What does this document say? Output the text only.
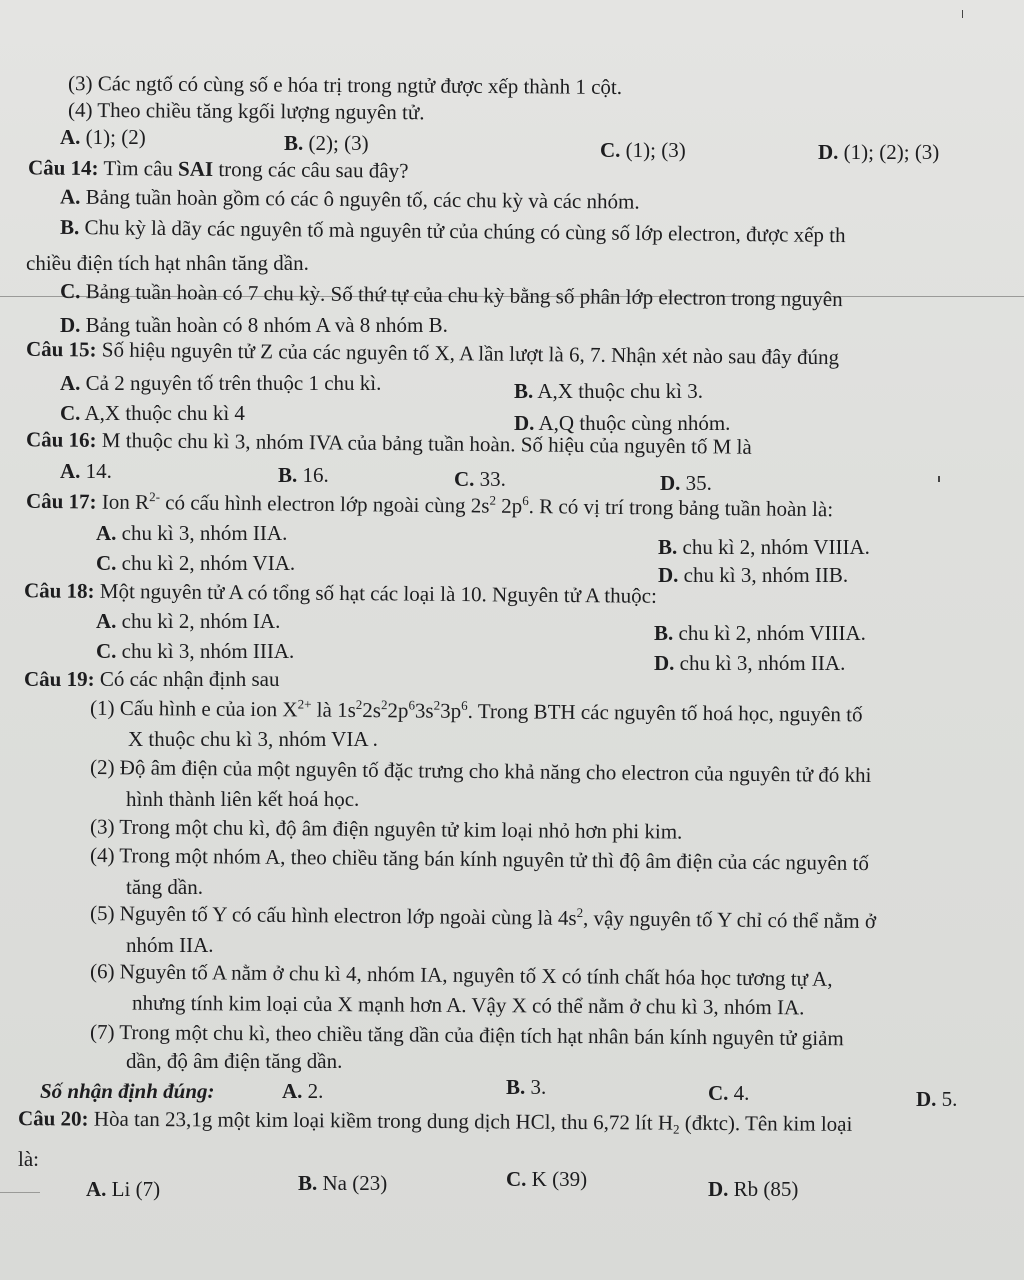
(3) Các ngtố có cùng số e hóa trị trong ngtử được xếp thành 1 cột.
(4) Theo chiều tăng kgối lượng nguyên tử.
A. (1); (2)	B. (2); (3)	C. (1); (3)	D. (1); (2); (3)
Câu 14: Tìm câu SAI trong các câu sau đây?
A. Bảng tuần hoàn gồm có các ô nguyên tố, các chu kỳ và các nhóm.
B. Chu kỳ là dãy các nguyên tố mà nguyên tử của chúng có cùng số lớp electron, được xếp th
chiều điện tích hạt nhân tăng dần.
C. Bảng tuần hoàn có 7 chu kỳ. Số thứ tự của chu kỳ bằng số phân lớp electron trong nguyên
D. Bảng tuần hoàn có 8 nhóm A và 8 nhóm B.
Câu 15: Số hiệu nguyên tử Z của các nguyên tố X, A lần lượt là 6, 7. Nhận xét nào sau đây đúng
A. Cả 2 nguyên tố trên thuộc 1 chu kì.	B. A,X thuộc chu kì 3.
C. A,X thuộc chu kì 4	D. A,Q thuộc cùng nhóm.
Câu 16: M thuộc chu kì 3, nhóm IVA của bảng tuần hoàn. Số hiệu của nguyên tố M là
A. 14.	B. 16.	C. 33.	D. 35.
Câu 17: Ion $R^{2-}$ có cấu hình electron lớp ngoài cùng $2s^2$ $2p^6$. R có vị trí trong bảng tuần hoàn là:
A. chu kì 3, nhóm IIA.
B. chu kì 2, nhóm VIIIA.
C. chu kì 2, nhóm VIA.	D. chu kì 3, nhóm IIB.
Câu 18: Một nguyên tử A có tổng số hạt các loại là 10. Nguyên tử A thuộc:
A. chu kì 2, nhóm IA.	B. chu kì 2, nhóm VIIIA.
C. chu kì 3, nhóm IIIA.	D. chu kì 3, nhóm IIA.
Câu 19: Có các nhận định sau
(1) Cấu hình e của ion $X^{2+}$ là $1s^22s^22p^63s^23p^6$. Trong BTH các nguyên tố hoá học, nguyên tố
X thuộc chu kì 3, nhóm VIA .
(2) Độ âm điện của một nguyên tố đặc trưng cho khả năng cho electron của nguyên tử đó khi
hình thành liên kết hoá học.
(3) Trong một chu kì, độ âm điện nguyên tử kim loại nhỏ hơn phi kim.
(4) Trong một nhóm A, theo chiều tăng bán kính nguyên tử thì độ âm điện của các nguyên tố
tăng dần.
(5) Nguyên tố Y có cấu hình electron lớp ngoài cùng là $4s^2$, vậy nguyên tố Y chỉ có thể nằm ở
nhóm IIA.
(6) Nguyên tố A nằm ở chu kì 4, nhóm IA, nguyên tố X có tính chất hóa học tương tự A,
nhưng tính kim loại của X mạnh hơn A. Vậy X có thể nằm ở chu kì 3, nhóm IA.
(7) Trong một chu kì, theo chiều tăng dần của điện tích hạt nhân bán kính nguyên tử giảm
dần, độ âm điện tăng dần.
Số nhận định đúng:	A. 2.	B. 3.	C. 4.	D. 5.
Câu 20: Hòa tan 23,1g một kim loại kiềm trong dung dịch HCl, thu 6,72 lít $H_2$ (đktc). Tên kim loại
là:
A. Li (7)	B. Na (23)	C. K (39)	D. Rb (85)
